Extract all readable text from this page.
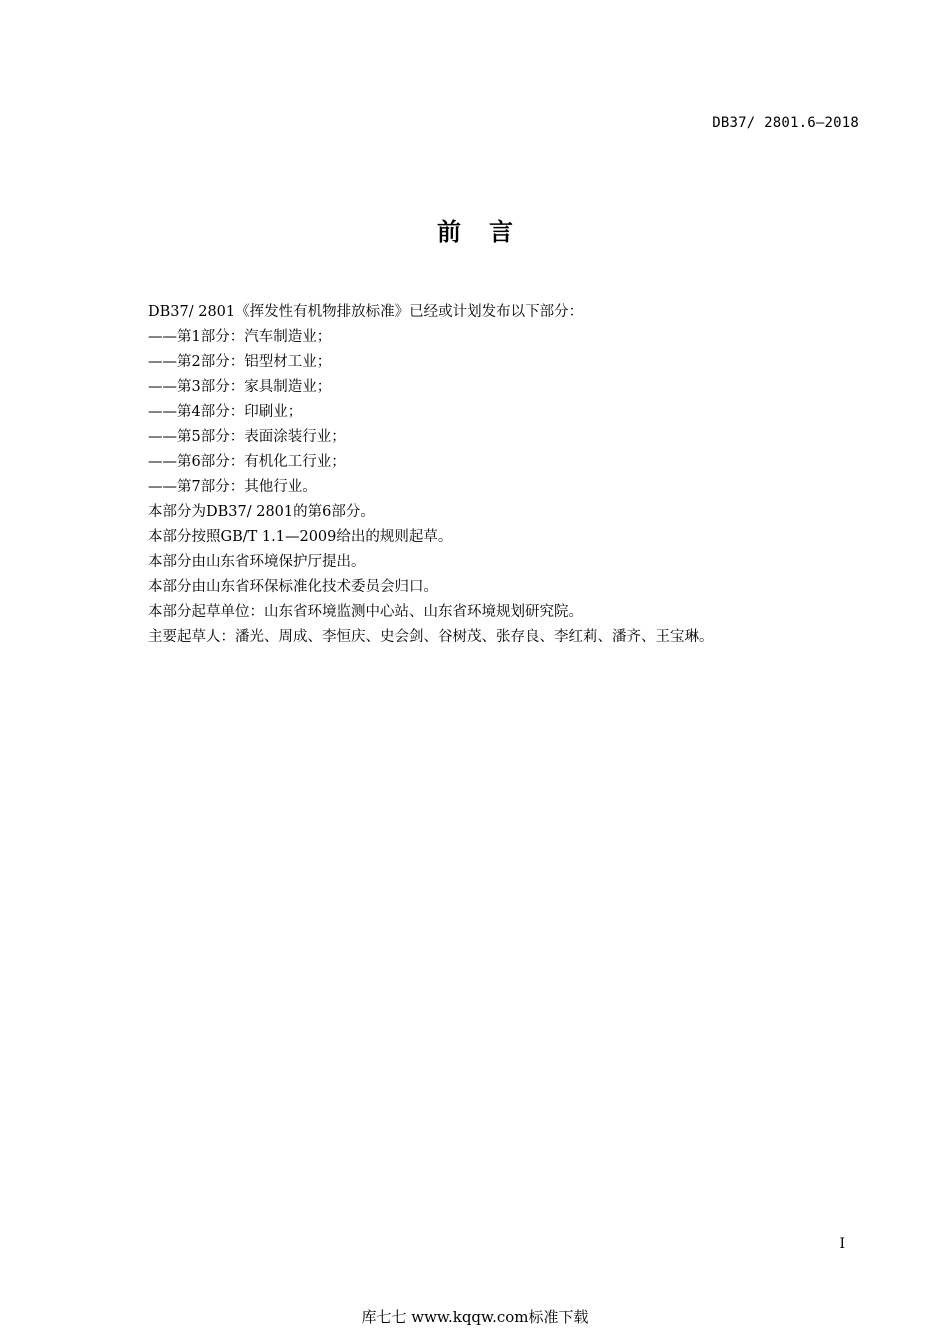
DB37/ 2801.6—2018
前言
DB37/ 2801《挥发性有机物排放标准》已经或计划发布以下部分：
——第1部分：汽车制造业；
——第2部分：铝型材工业；
——第3部分：家具制造业；
——第4部分：印刷业；
——第5部分：表面涂装行业；
——第6部分：有机化工行业；
——第7部分：其他行业。
本部分为DB37/ 2801的第6部分。
本部分按照GB/T 1.1—2009给出的规则起草。
本部分由山东省环境保护厅提出。
本部分由山东省环保标准化技术委员会归口。
本部分起草单位：山东省环境监测中心站、山东省环境规划研究院。
主要起草人：潘光、周成、李恒庆、史会剑、谷树茂、张存良、李红莉、潘齐、王宝琳。
I
库七七 www.kqqw.com标准下载
